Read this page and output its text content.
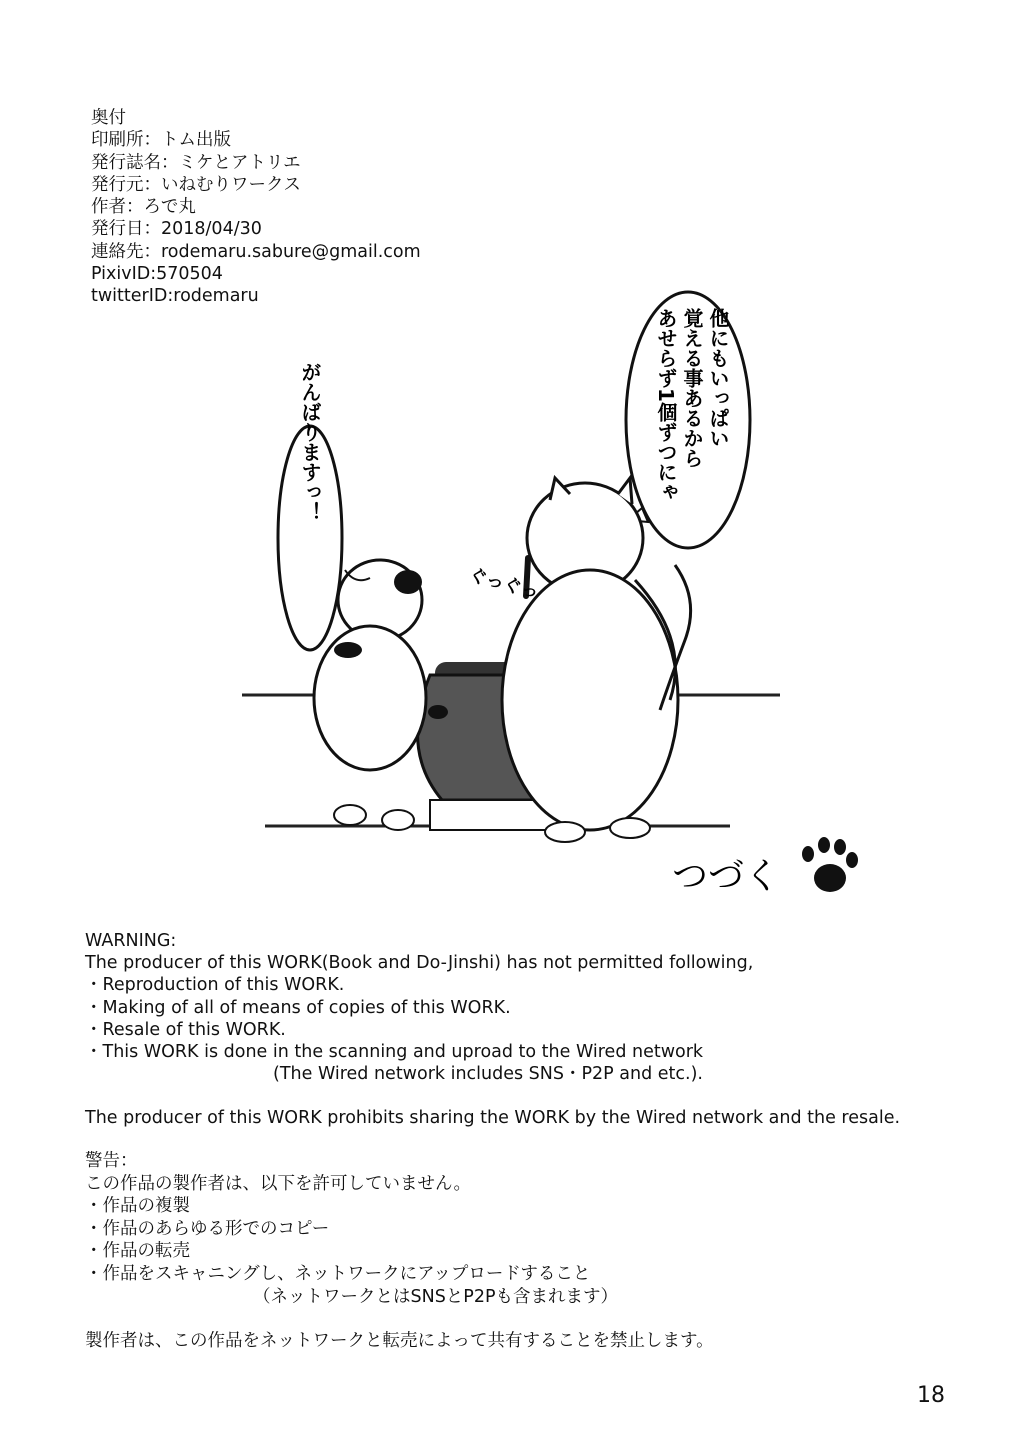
奥付
印刷所：トム出版
発行誌名：ミケとアトリエ
発行元：いねむりワークス
作者：ろで丸
発行日：2018/04/30
連絡先：rodemaru.sabure@gmail.com
PixivID:570504
twitterID:rodemaru
がんばりますっ！	他にもいっぱい
覚える事あるから
あせらず1個ずつにゃ
ぐっぐっ
つづく
WARNING:
The producer of this WORK(Book and Do-Jinshi) has not permitted following,
・Reproduction of this WORK.
・Making of all of means of copies of this WORK.
・Resale of this WORK.
・This WORK is done in the scanning and uproad to the Wired network
(The Wired network includes SNS・P2P and etc.).
The producer of this WORK prohibits sharing the WORK by the Wired network and the resale.
警告：
この作品の製作者は、以下を許可していません。
・作品の複製
・作品のあらゆる形でのコピー
・作品の転売
・作品をスキャニングし、ネットワークにアップロードすること
（ネットワークとはSNSとP2Pも含まれます）
製作者は、この作品をネットワークと転売によって共有することを禁止します。
18
